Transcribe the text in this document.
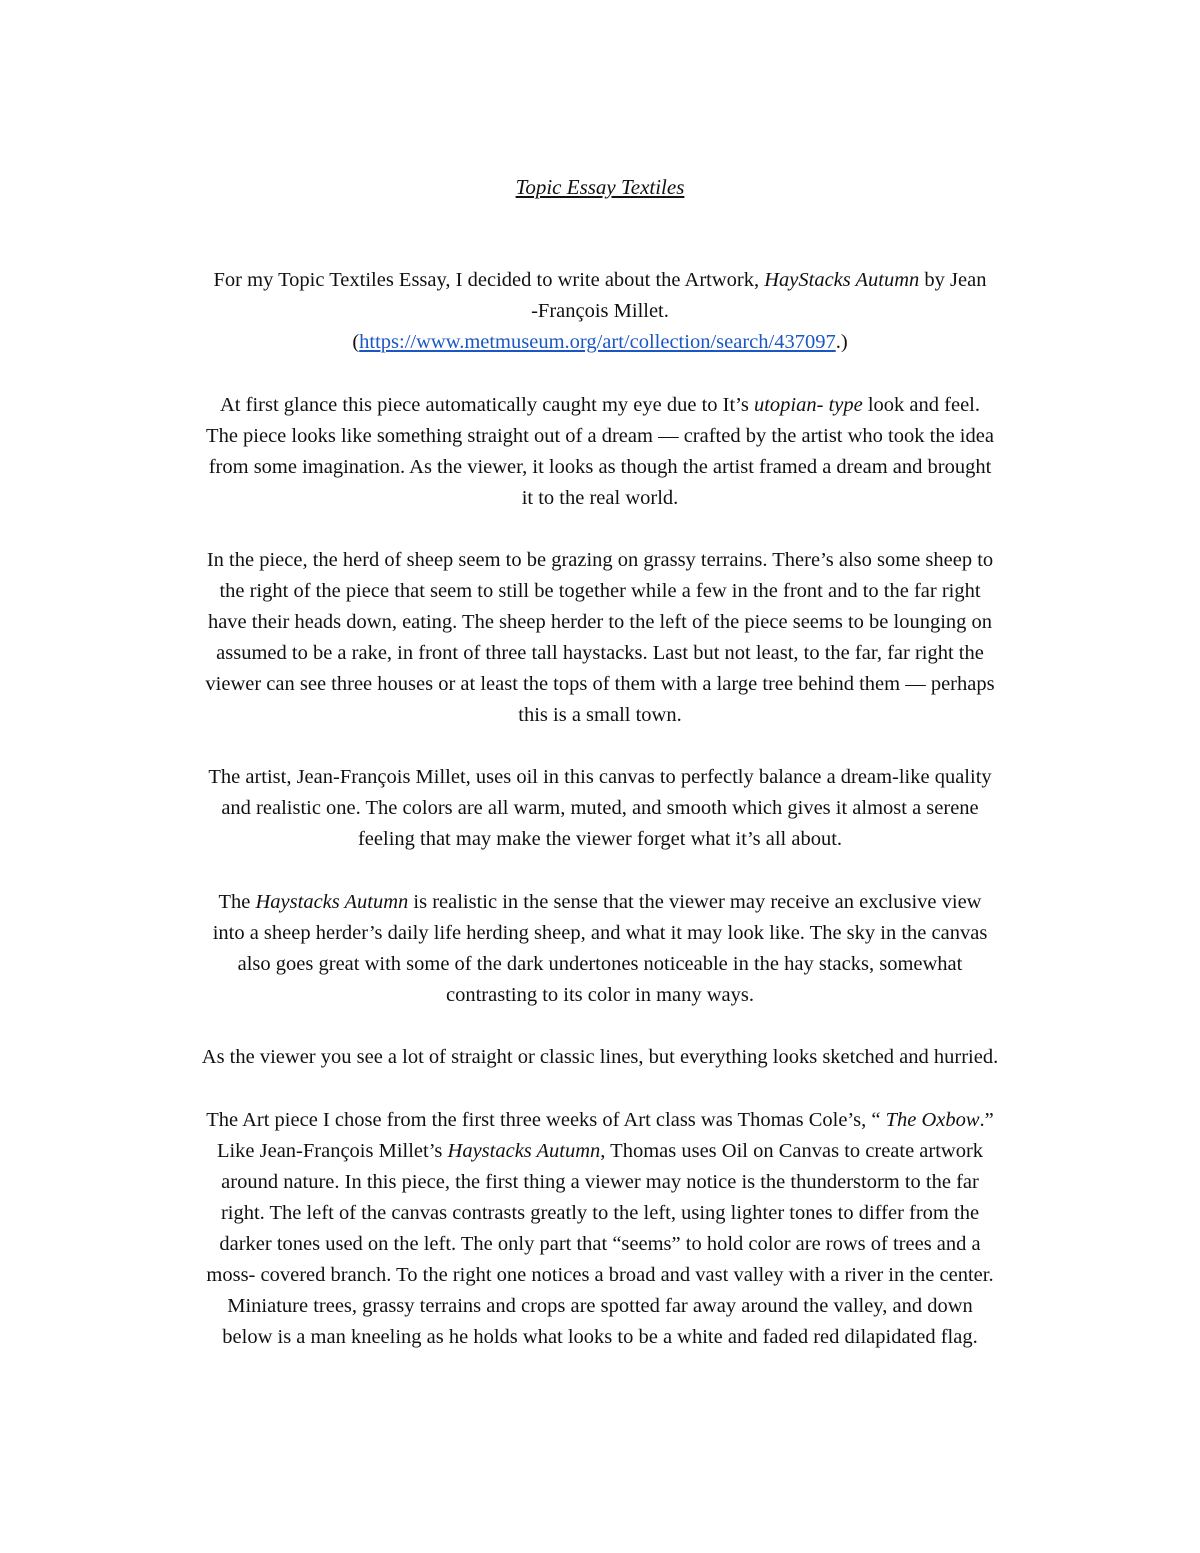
Topic Essay Textiles
For my Topic Textiles Essay, I decided to write about the Artwork, HayStacks Autumn by Jean
-François Millet.
(https://www.metmuseum.org/art/collection/search/437097.)
At first glance this piece automatically caught my eye due to It’s utopian- type look and feel.
The piece looks like something straight out of a dream — crafted by the artist who took the idea
from some imagination. As the viewer, it looks as though the artist framed a dream and brought
it to the real world.
In the piece, the herd of sheep seem to be grazing on grassy terrains. There’s also some sheep to
the right of the piece that seem to still be together while a few in the front and to the far right
have their heads down, eating. The sheep herder to the left of the piece seems to be lounging on
assumed to be a rake, in front of three tall haystacks. Last but not least, to the far, far right the
viewer can see three houses or at least the tops of them with a large tree behind them — perhaps
this is a small town.
The artist, Jean-François Millet, uses oil in this canvas to perfectly balance a dream-like quality
and realistic one. The colors are all warm, muted, and smooth which gives it almost a serene
feeling that may make the viewer forget what it’s all about.
The Haystacks Autumn is realistic in the sense that the viewer may receive an exclusive view
into a sheep herder’s daily life herding sheep, and what it may look like. The sky in the canvas
also goes great with some of the dark undertones noticeable in the hay stacks, somewhat
contrasting to its color in many ways.
As the viewer you see a lot of straight or classic lines, but everything looks sketched and hurried.
The Art piece I chose from the first three weeks of Art class was Thomas Cole’s, “ The Oxbow.”
Like Jean-François Millet’s Haystacks Autumn, Thomas uses Oil on Canvas to create artwork
around nature. In this piece, the first thing a viewer may notice is the thunderstorm to the far
right. The left of the canvas contrasts greatly to the left, using lighter tones to differ from the
darker tones used on the left. The only part that “seems” to hold color are rows of trees and a
moss- covered branch. To the right one notices a broad and vast valley with a river in the center.
Miniature trees, grassy terrains and crops are spotted far away around the valley, and down
below is a man kneeling as he holds what looks to be a white and faded red dilapidated flag.
